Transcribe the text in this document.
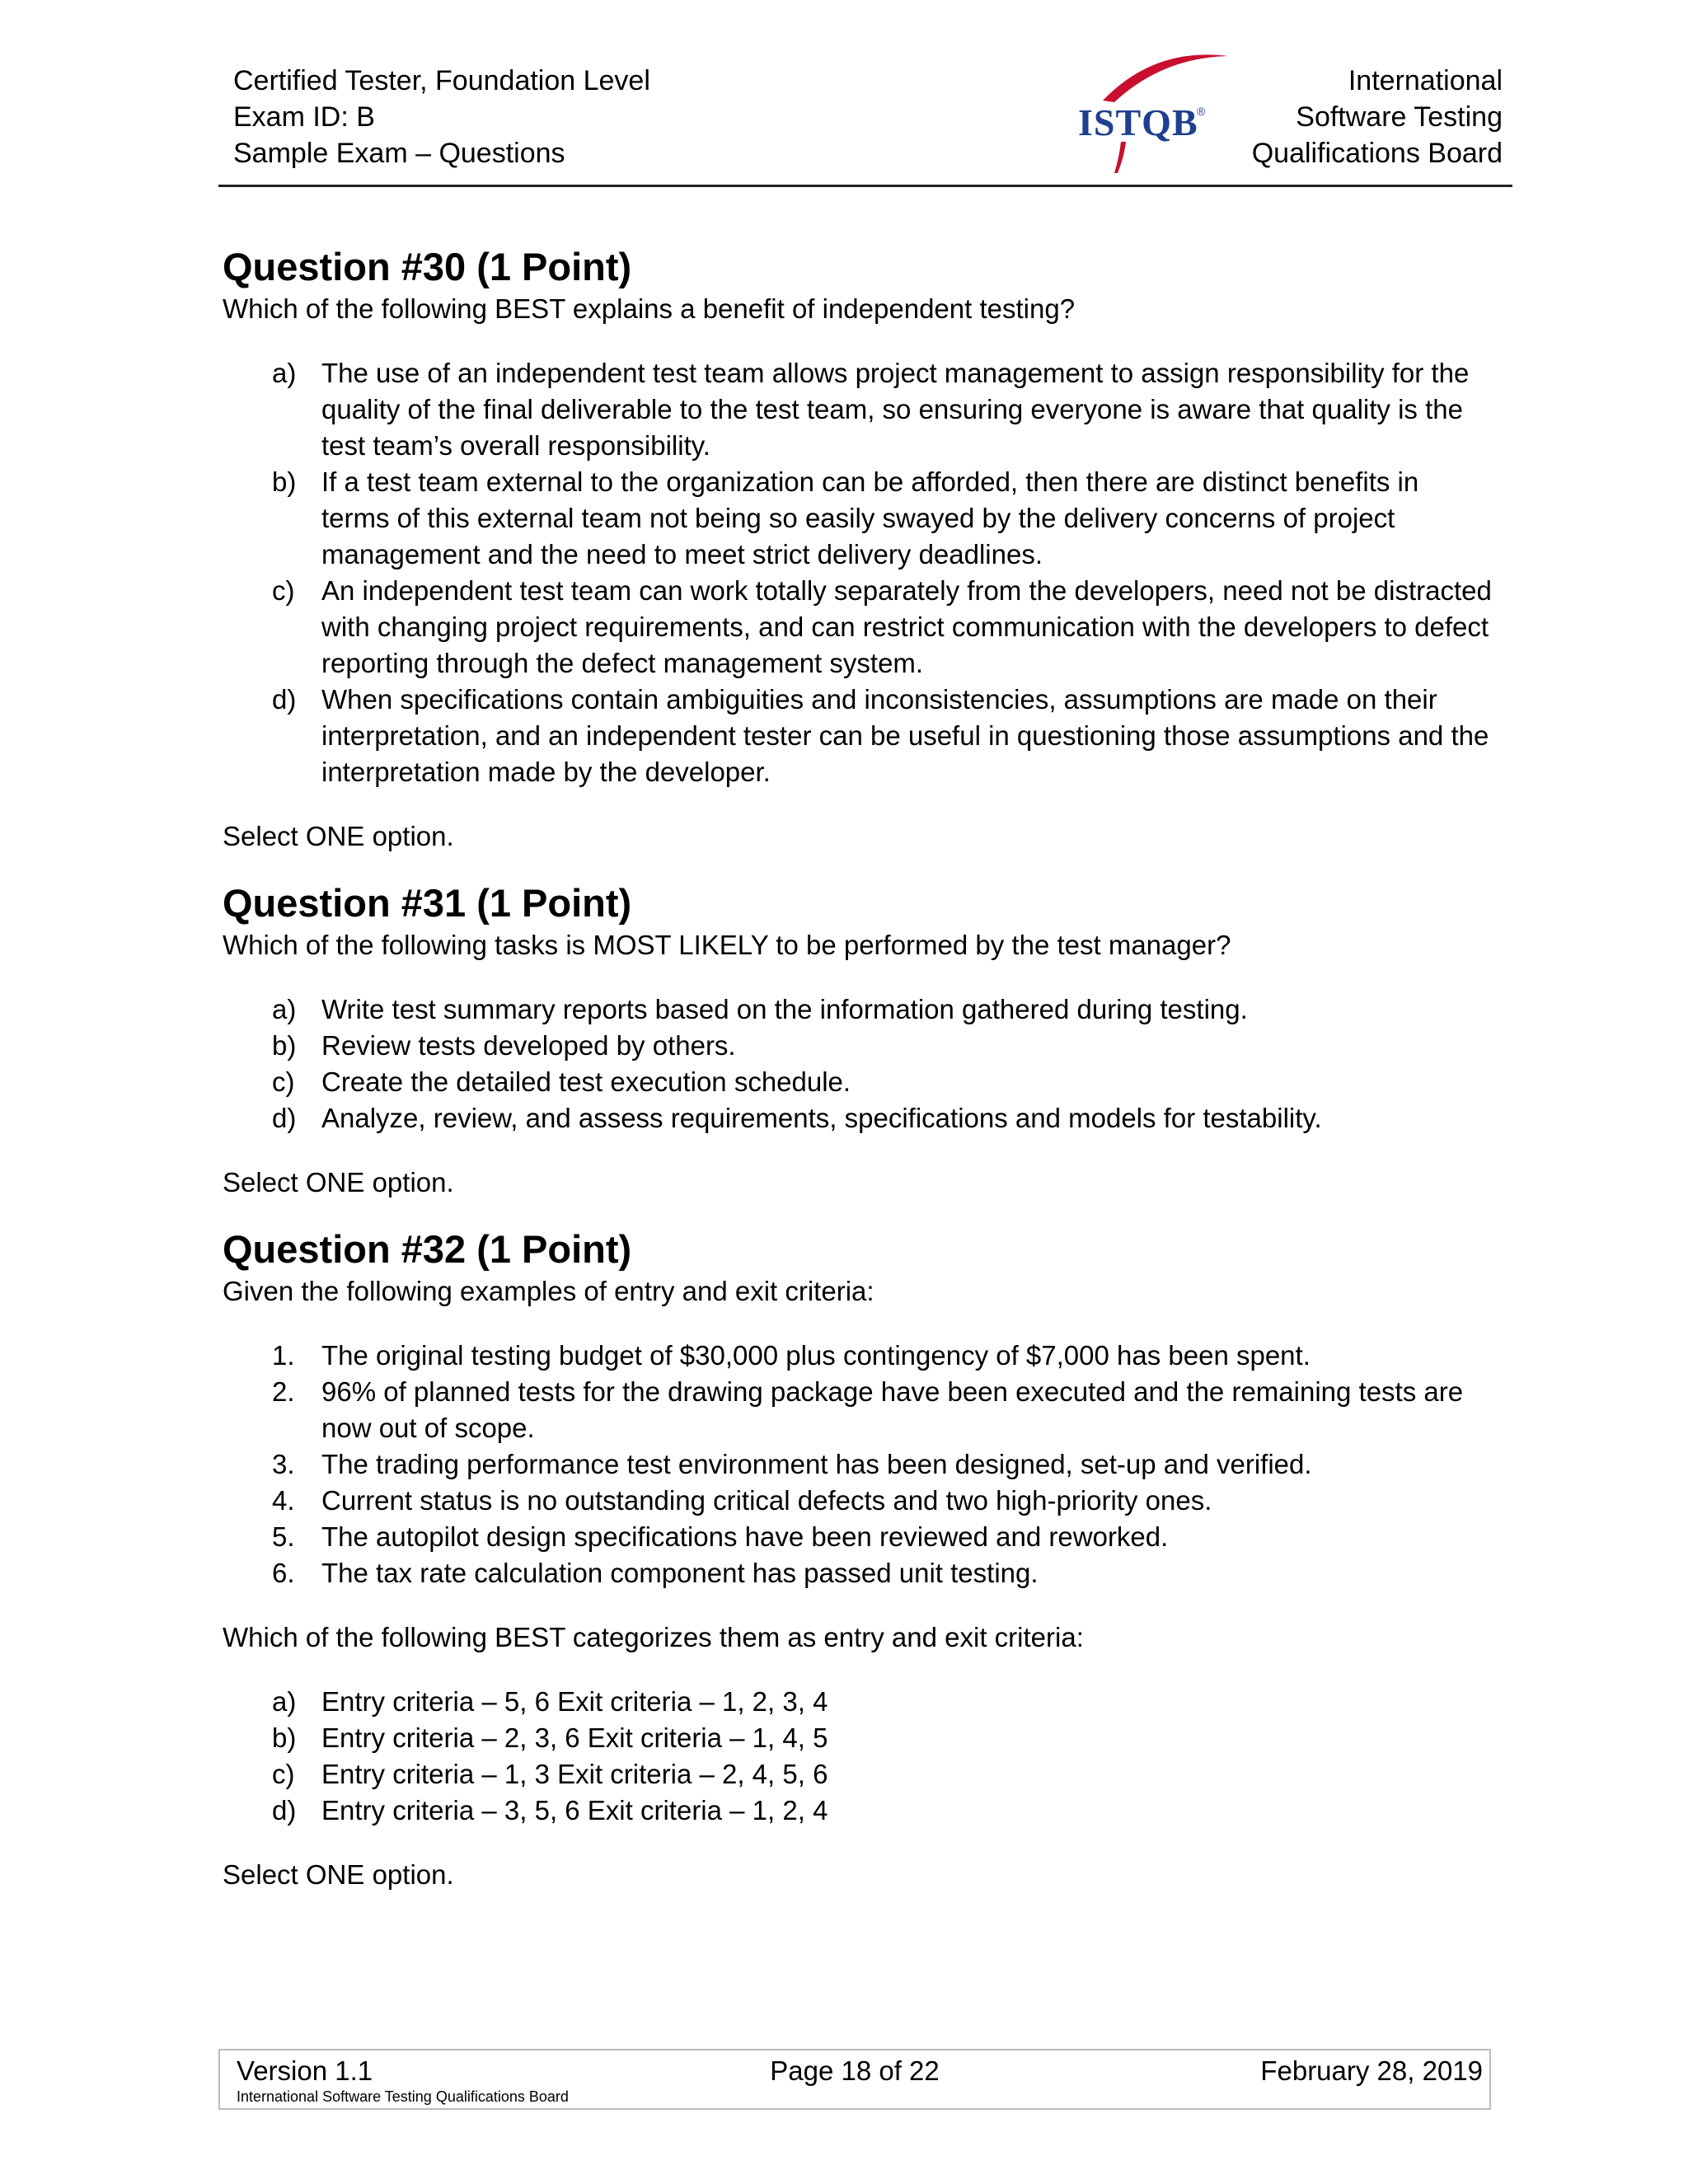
Certified Tester, Foundation Level
Exam ID: B
Sample Exam – Questions
ISTQB
®
International
Software Testing
Qualifications Board
Question #30 (1 Point)

Which of the following BEST explains a benefit of independent testing?

a) The use of an independent test team allows project management to assign responsibility for the quality of the final deliverable to the test team, so ensuring everyone is aware that quality is the test team’s overall responsibility.
b) If a test team external to the organization can be afforded, then there are distinct benefits in terms of this external team not being so easily swayed by the delivery concerns of project management and the need to meet strict delivery deadlines.
c) An independent test team can work totally separately from the developers, need not be distracted with changing project requirements, and can restrict communication with the developers to defect reporting through the defect management system.
d) When specifications contain ambiguities and inconsistencies, assumptions are made on their interpretation, and an independent tester can be useful in questioning those assumptions and the interpretation made by the developer.

Select ONE option.

Question #31 (1 Point)

Which of the following tasks is MOST LIKELY to be performed by the test manager?

a) Write test summary reports based on the information gathered during testing.
b) Review tests developed by others.
c) Create the detailed test execution schedule.
d) Analyze, review, and assess requirements, specifications and models for testability.

Select ONE option.

Question #32 (1 Point)

Given the following examples of entry and exit criteria:

1. The original testing budget of $30,000 plus contingency of $7,000 has been spent.
2. 96% of planned tests for the drawing package have been executed and the remaining tests are now out of scope.
3. The trading performance test environment has been designed, set-up and verified.
4. Current status is no outstanding critical defects and two high-priority ones.
5. The autopilot design specifications have been reviewed and reworked.
6. The tax rate calculation component has passed unit testing.

Which of the following BEST categorizes them as entry and exit criteria:

a) Entry criteria – 5, 6 Exit criteria – 1, 2, 3, 4
b) Entry criteria – 2, 3, 6 Exit criteria – 1, 4, 5
c) Entry criteria – 1, 3 Exit criteria – 2, 4, 5, 6
d) Entry criteria – 3, 5, 6 Exit criteria – 1, 2, 4

Select ONE option.

Version 1.1
International Software Testing Qualifications Board
Page 18 of 22	February 28, 2019
